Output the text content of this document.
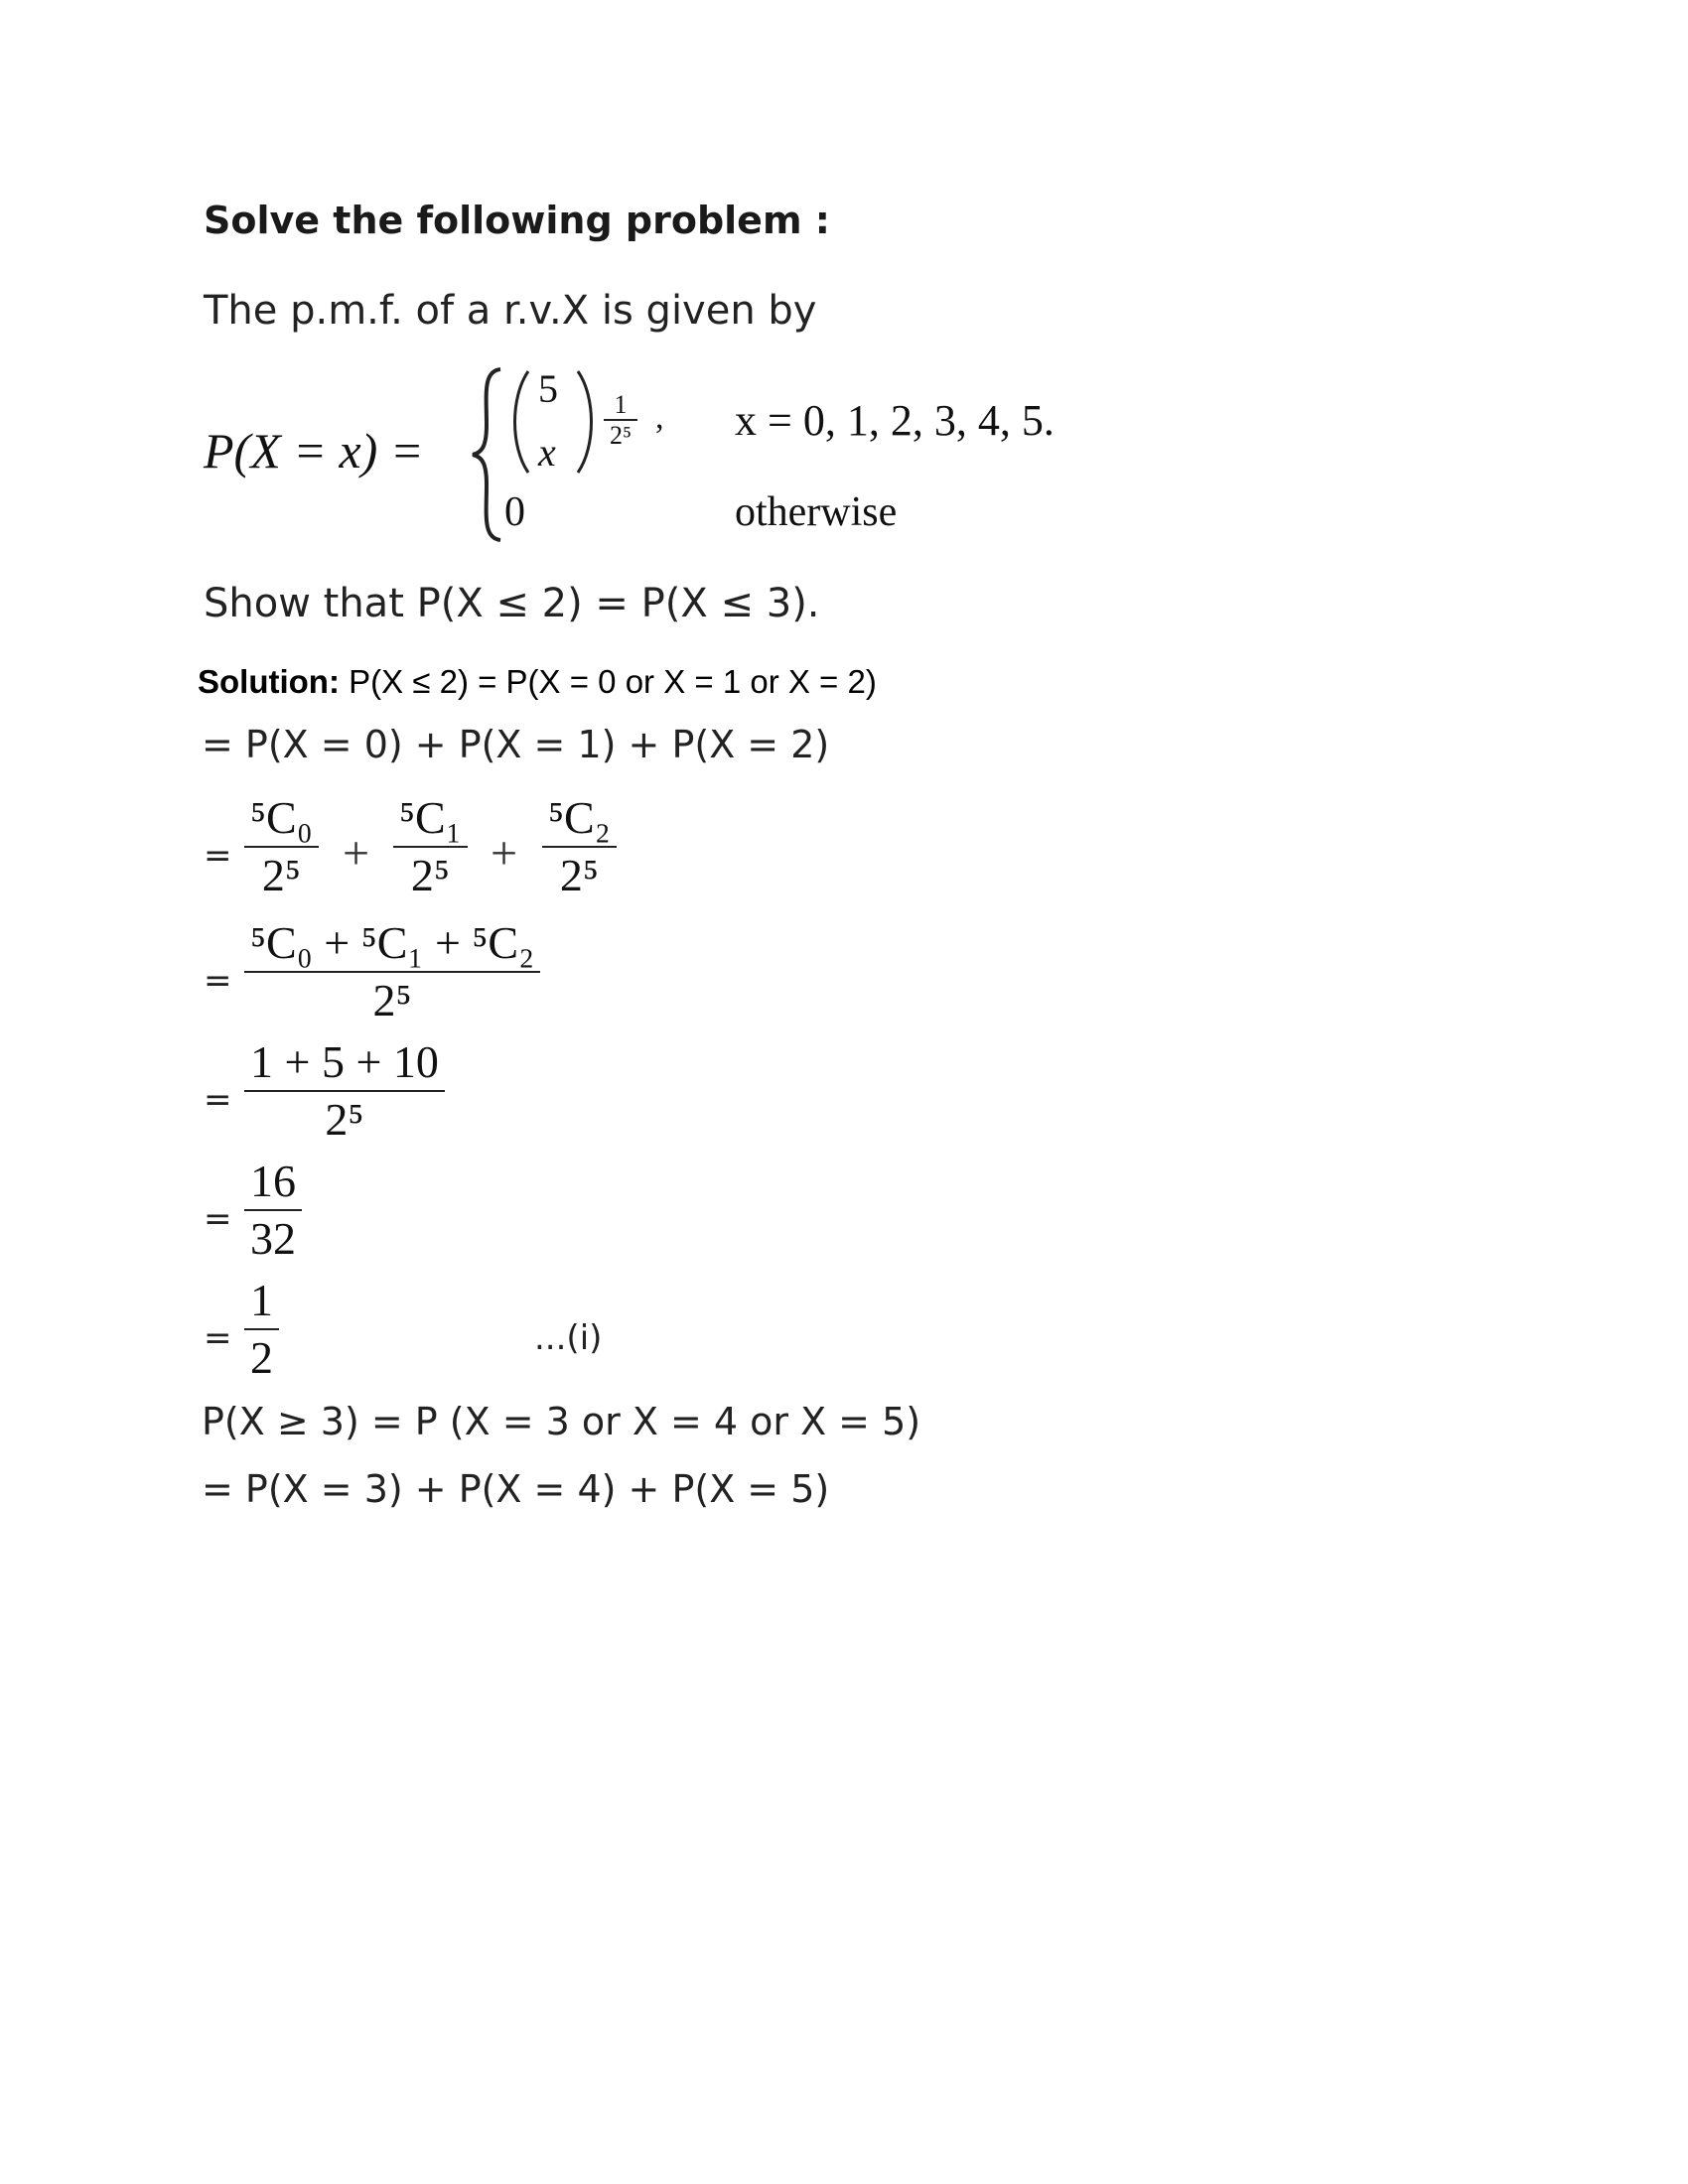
Solve the following problem :
The p.m.f. of a r.v.X is given by
P(X = x) =
5
x
1
2⁵ , x = 0, 1, 2, 3, 4, 5.
0	otherwise
Show that P(X ≤ 2) = P(X ≤ 3).
Solution: P(X ≤ 2) = P(X = 0 or X = 1 or X = 2)
= P(X = 0) + P(X = 1) + P(X = 2)
=
⁵C₀
2⁵ +
⁵C₁
2⁵ +
⁵C₂
2⁵
=
⁵C₀ + ⁵C₁ + ⁵C₂
2⁵
=
1 + 5 + 10
2⁵
=
16
32
=
1
2	...(i)
P(X ≥ 3) = P (X = 3 or X = 4 or X = 5)
= P(X = 3) + P(X = 4) + P(X = 5)
